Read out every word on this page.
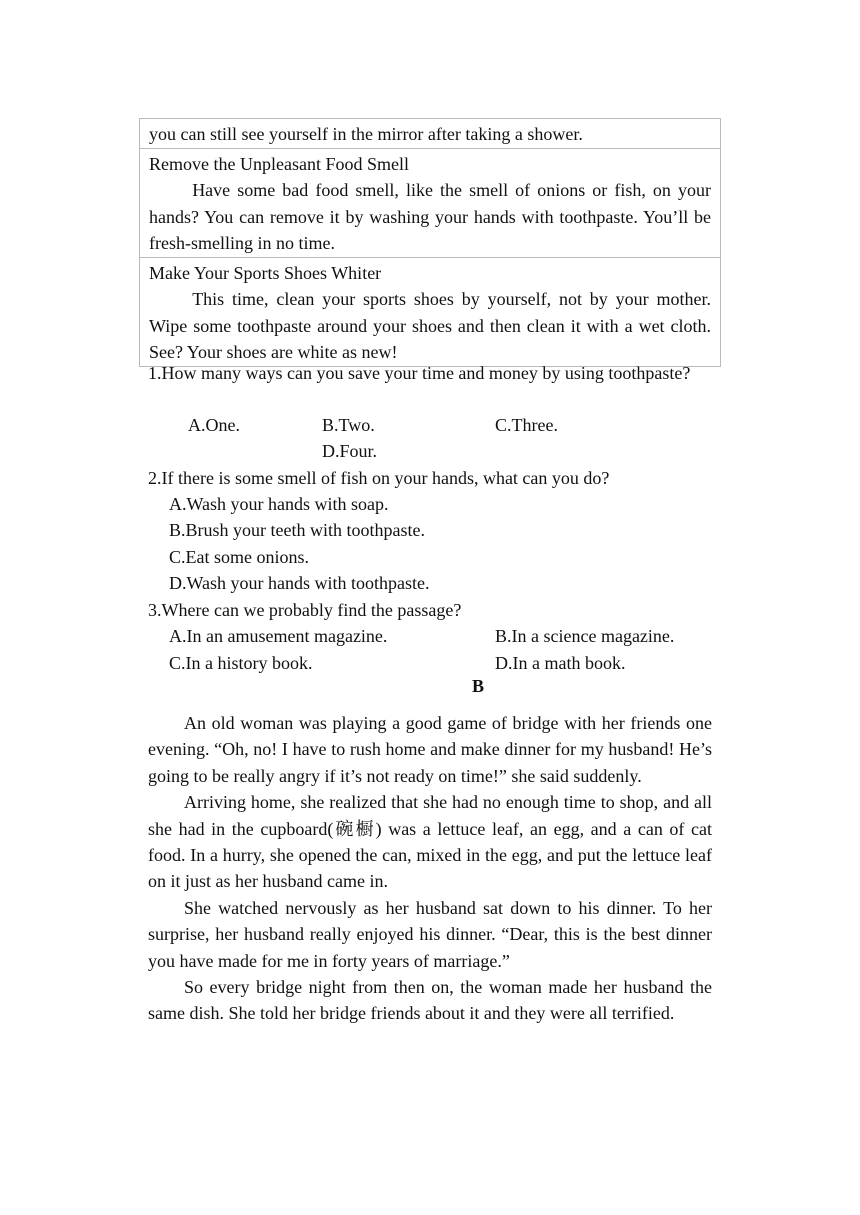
you can still see yourself in the mirror after taking a shower.

Remove the Unpleasant Food Smell
Have some bad food smell, like the smell of onions or fish, on your hands? You can remove it by washing your hands with toothpaste. You’ll be fresh-smelling in no time.

Make Your Sports Shoes Whiter
This time, clean your sports shoes by yourself, not by your mother. Wipe some toothpaste around your shoes and then clean it with a wet cloth. See? Your shoes are white as new!
1.How many ways can you save your time and money by using toothpaste?
A.One.	B.Two.	C.Three.
D.Four.
2.If there is some smell of fish on your hands, what can you do?
A.Wash your hands with soap.
B.Brush your teeth with toothpaste.
C.Eat some onions.
D.Wash your hands with toothpaste.
3.Where can we probably find the passage?
A.In an amusement magazine.	B.In a science magazine.
C.In a history book.	D.In a math book.
B

An old woman was playing a good game of bridge with her friends one evening. “Oh, no! I have to rush home and make dinner for my husband! He’s going to be really angry if it’s not ready on time!” she said suddenly.

Arriving home, she realized that she had no enough time to shop, and all she had in the cupboard(碗橱) was a lettuce leaf, an egg, and a can of cat food. In a hurry, she opened the can, mixed in the egg, and put the lettuce leaf on it just as her husband came in.

She watched nervously as her husband sat down to his dinner. To her surprise, her husband really enjoyed his dinner. “Dear, this is the best dinner you have made for me in forty years of marriage.”

So every bridge night from then on, the woman made her husband the same dish. She told her bridge friends about it and they were all terrified.
